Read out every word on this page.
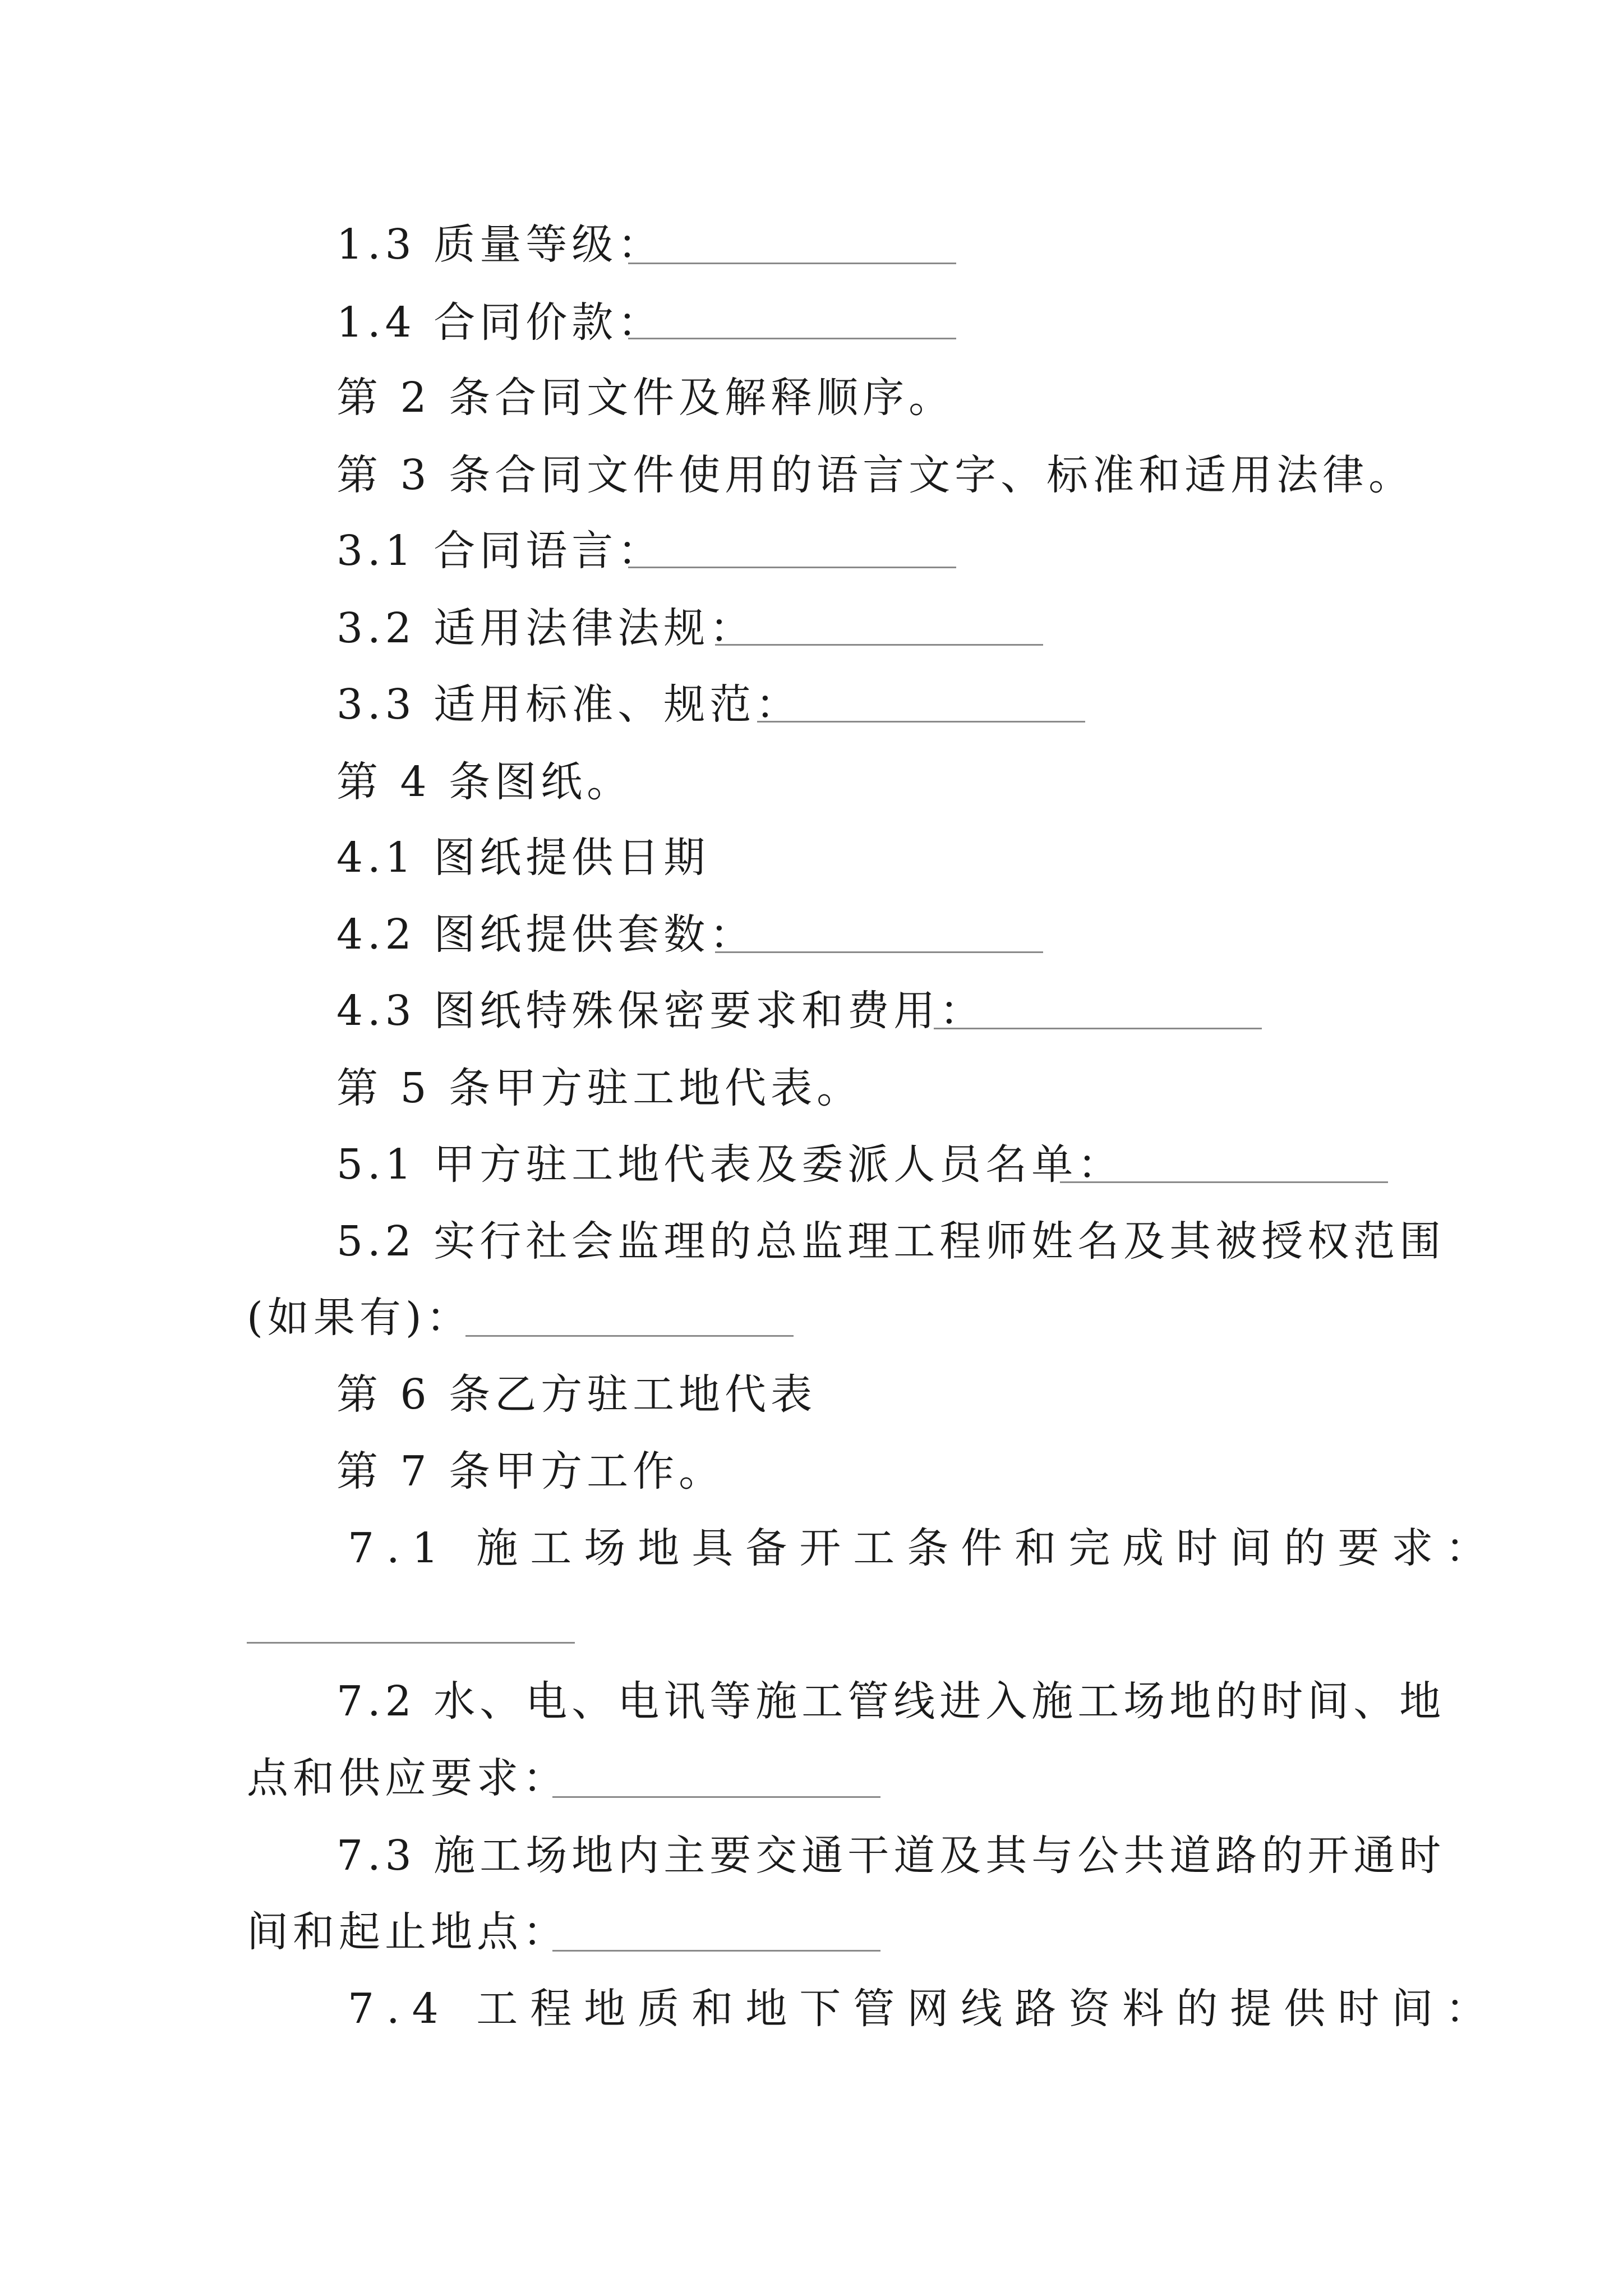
1.3 质量等级：
1.4 合同价款：
第 2 条合同文件及解释顺序。
第 3 条合同文件使用的语言文字、标准和适用法律。
3.1 合同语言：
3.2 适用法律法规：
3.3 适用标准、规范：
第 4 条图纸。
4.1 图纸提供日期
4.2 图纸提供套数：
4.3 图纸特殊保密要求和费用：
第 5 条甲方驻工地代表。
5.1 甲方驻工地代表及委派人员名单：
5.2 实行社会监理的总监理工程师姓名及其被授权范围
(如果有)：
第 6 条乙方驻工地代表
第 7 条甲方工作。
7.1 施工场地具备开工条件和完成时间的要求：
7.2 水、电、电讯等施工管线进入施工场地的时间、地
点和供应要求：
7.3 施工场地内主要交通干道及其与公共道路的开通时
间和起止地点：
7.4 工程地质和地下管网线路资料的提供时间：
